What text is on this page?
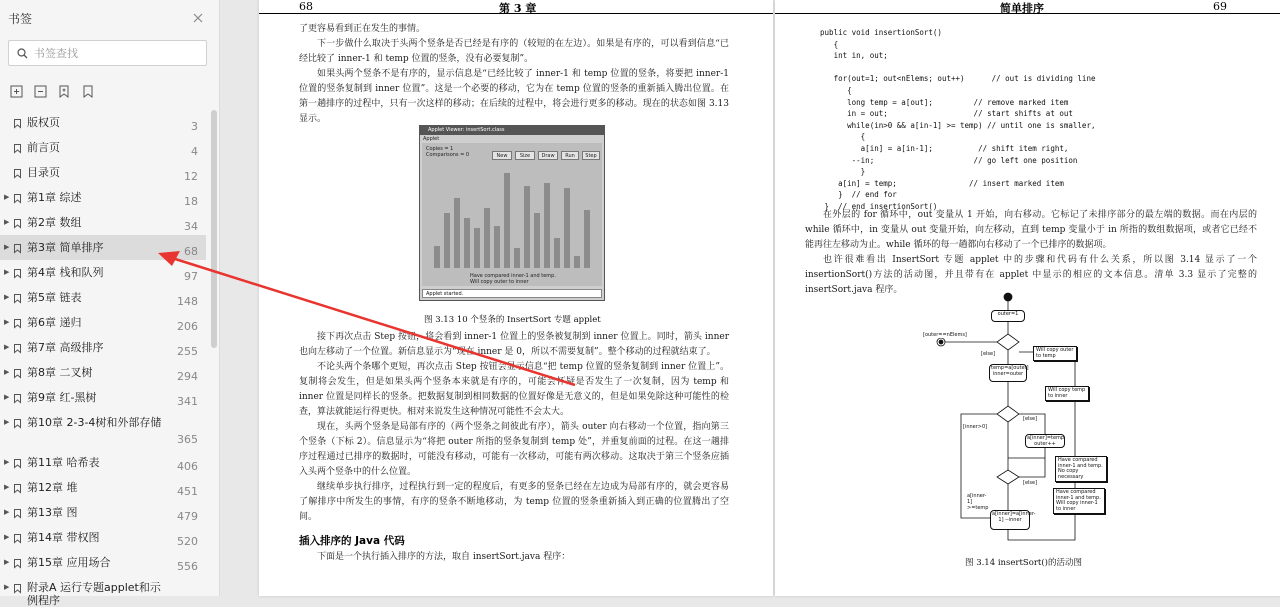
书签
书签查找
版权页	3
前言页	4
目录页	12
▶ 第1章 综述	18
▶ 第2章 数组	34
▶ 第3章 简单排序	68
▶ 第4章 栈和队列	97
▶ 第5章 链表	148
▶ 第6章 递归	206
▶ 第7章 高级排序	255
▶ 第8章 二叉树	294
▶ 第9章 红-黑树	341
▶ 第10章 2-3-4树和外部存储
365
▶ 第11章 哈希表	406
▶ 第12章 堆	451
▶ 第13章 图	479
▶ 第14章 带权图	520
▶ 第15章 应用场合	556
▶ 附录A 运行专题applet和示例程序
68	第 3 章

了更容易看到正在发生的事情。

下一步做什么取决于头两个竖条是否已经是有序的（较短的在左边）。如果是有序的，可以看到信息“已经比较了 inner-1 和 temp 位置的竖条，没有必要复制”。

如果头两个竖条不是有序的，显示信息是“已经比较了 inner-1 和 temp 位置的竖条，将要把 inner-1 位置的竖条复制到 inner 位置”。这是一个必要的移动，它为在 temp 位置的竖条的重新插入腾出位置。在第一趟排序的过程中，只有一次这样的移动；在后续的过程中，将会进行更多的移动。现在的状态如图 3.13 显示。

Applet Viewer: insertSort.class
Applet
Copies = 1
Comparisons = 0	New	Size	Draw	Run	Step
Have compared inner-1 and temp.
Will copy outer to inner
Applet started.
图 3.13 10 个竖条的 InsertSort 专题 applet

接下再次点击 Step 按钮，将会看到 inner-1 位置上的竖条被复制到 inner 位置上。同时，箭头 inner 也向左移动了一个位置。新信息显示为“现在 inner 是 0，所以不需要复制”。整个移动的过程就结束了。

不论头两个条哪个更短，再次点击 Step 按钮会显示信息“把 temp 位置的竖条复制到 inner 位置上”。复制将会发生，但是如果头两个竖条本来就是有序的，可能会怀疑是否发生了一次复制，因为 temp 和 inner 位置是同样长的竖条。把数据复制到相同数据的位置好像是无意义的，但是如果免除这种可能性的检查，算法就能运行得更快。相对来说发生这种情况可能性不会太大。

现在，头两个竖条是局部有序的（两个竖条之间彼此有序），箭头 outer 向右移动一个位置，指向第三个竖条（下标 2）。信息显示为“将把 outer 所指的竖条复制到 temp 处”，并重复前面的过程。在这一趟排序过程通过已排序的数据时，可能没有移动，可能有一次移动，可能有两次移动。这取决于第三个竖条应插入头两个竖条中的什么位置。

继续单步执行排序，过程执行到一定的程度后，有更多的竖条已经在左边成为局部有序的，就会更容易了解排序中所发生的事情，有序的竖条不断地移动，为 temp 位置的竖条重新插入到正确的位置腾出了空间。

插入排序的 Java 代码
下面是一个执行插入排序的方法，取自 insertSort.java 程序：
简单排序	69
public void insertionSort()
{
int in, out;
for(out=1; out<nElems; out++)      // out is dividing line
{
long temp = a[out];         // remove marked item
in = out;                   // start shifts at out
while(in>0 && a[in-1] >= temp) // until one is smaller,
{
a[in] = a[in-1];          // shift item right,
--in;                      // go left one position
}
a[in] = temp;                // insert marked item
}  // end for
}  // end insertionSort()

在外层的 for 循环中，out 变量从 1 开始，向右移动。它标记了未排序部分的最左端的数据。而在内层的 while 循环中，in 变量从 out 变量开始，向左移动，直到 temp 变量小于 in 所指的数组数据项，或者它已经不能再往左移动为止。while 循环的每一趟都向右移动了一个已排序的数据项。

也许很难看出 InsertSort 专题 applet 中的步骤和代码有什么关系，所以图 3.14 显示了一个 insertionSort()方法的活动图，并且带有在 applet 中显示的相应的文本信息。清单 3.3 显示了完整的 insertSort.java 程序。

outer=1
[outer==nElems]
[else]
Will copy outer to temp
temp=a[outer] inner=outer
Will copy temp to inner
[inner>0]
[else]
a[inner]=temp outer++
Have compared inner-1 and temp. No copy necessary
[else]
a[inner-1] >=temp
Have compared inner-1 and temp. Will copy inner-1 to inner
a[inner]=a[inner-1] --inner
图 3.14 insertSort()的活动图
